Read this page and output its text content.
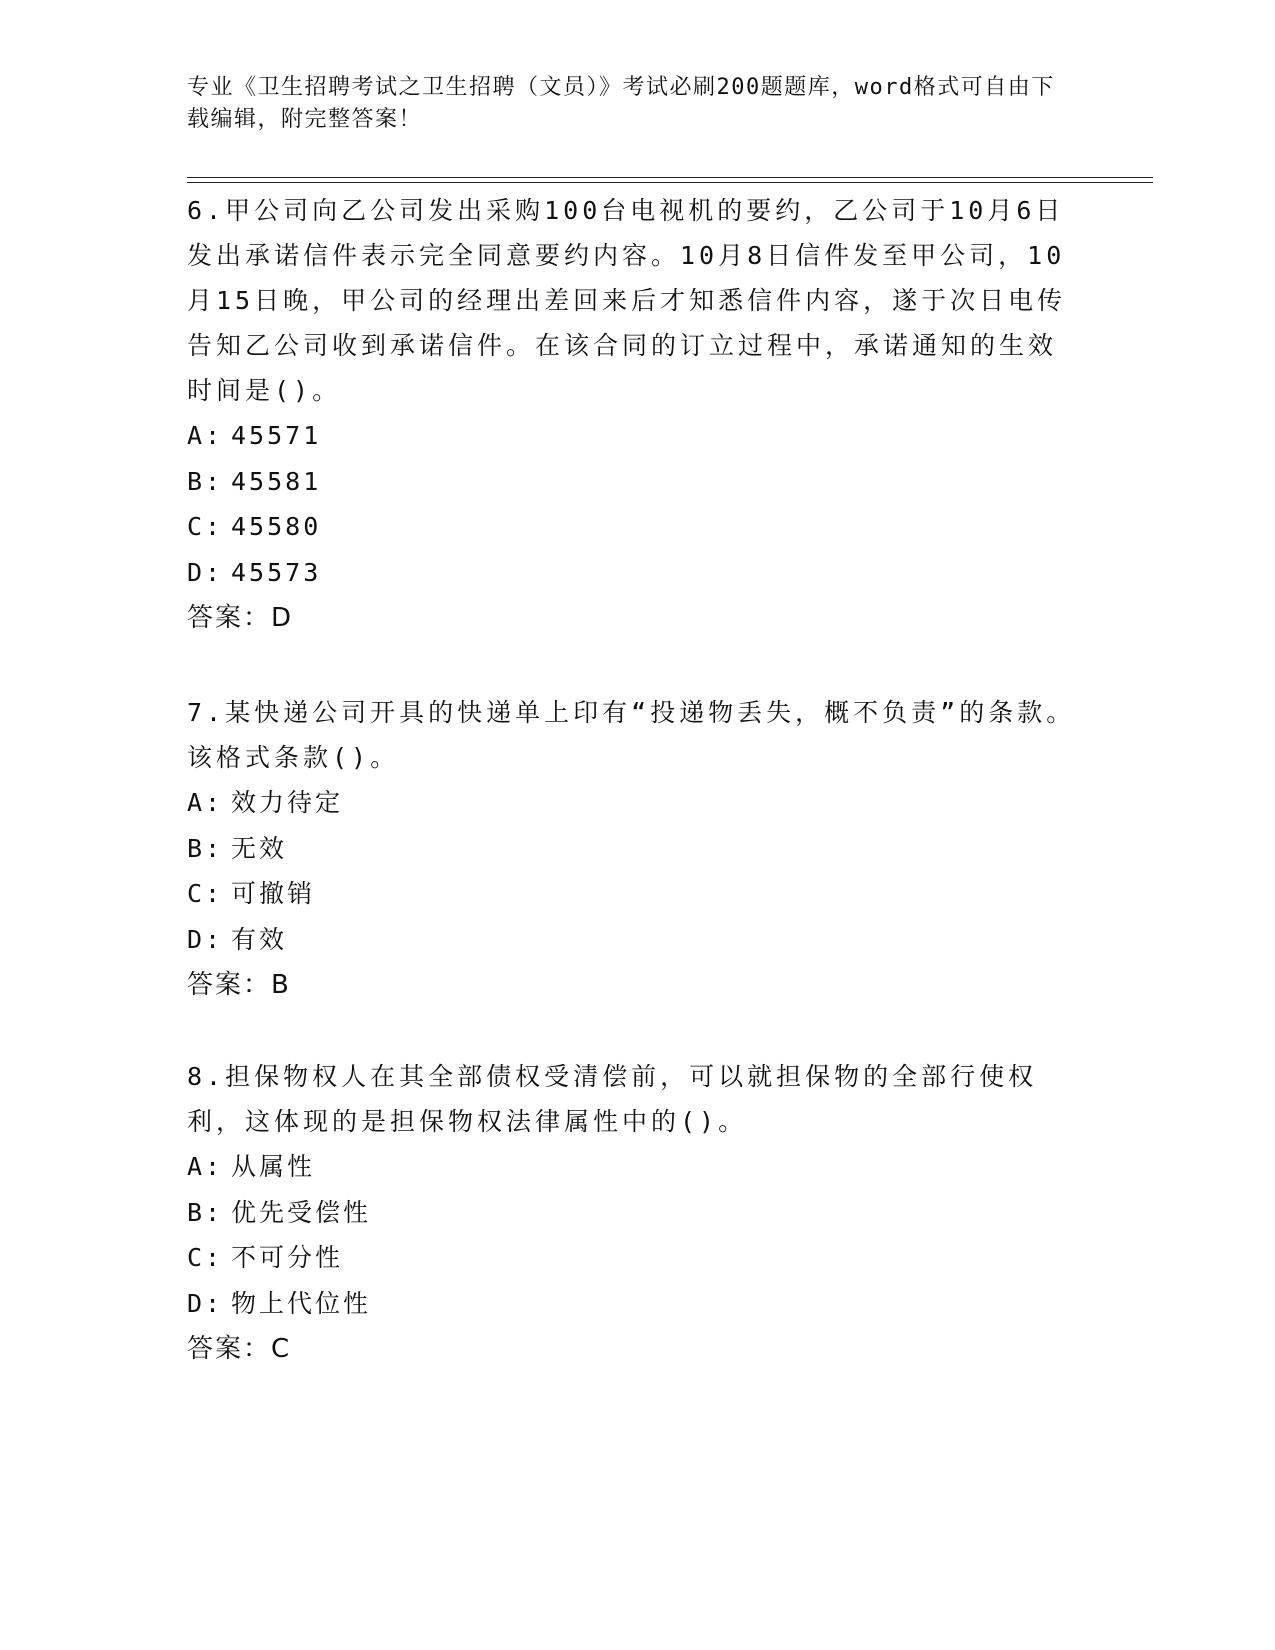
专业《卫生招聘考试之卫生招聘（文员）》考试必刷200题题库，word格式可自由下载编辑，附完整答案！

6.甲公司向乙公司发出采购100台电视机的要约，乙公司于10月6日发出承诺信件表示完全同意要约内容。10月8日信件发至甲公司，10月15日晚，甲公司的经理出差回来后才知悉信件内容，遂于次日电传告知乙公司收到承诺信件。在该合同的订立过程中，承诺通知的生效时间是()。

A: 45571

B: 45581

C: 45580

D: 45573

答案：D

7.某快递公司开具的快递单上印有“投递物丢失，概不负责”的条款。该格式条款()。

A: 效力待定

B: 无效

C: 可撤销

D: 有效

答案：B

8.担保物权人在其全部债权受清偿前，可以就担保物的全部行使权利，这体现的是担保物权法律属性中的()。

A: 从属性

B: 优先受偿性

C: 不可分性

D: 物上代位性

答案：C
